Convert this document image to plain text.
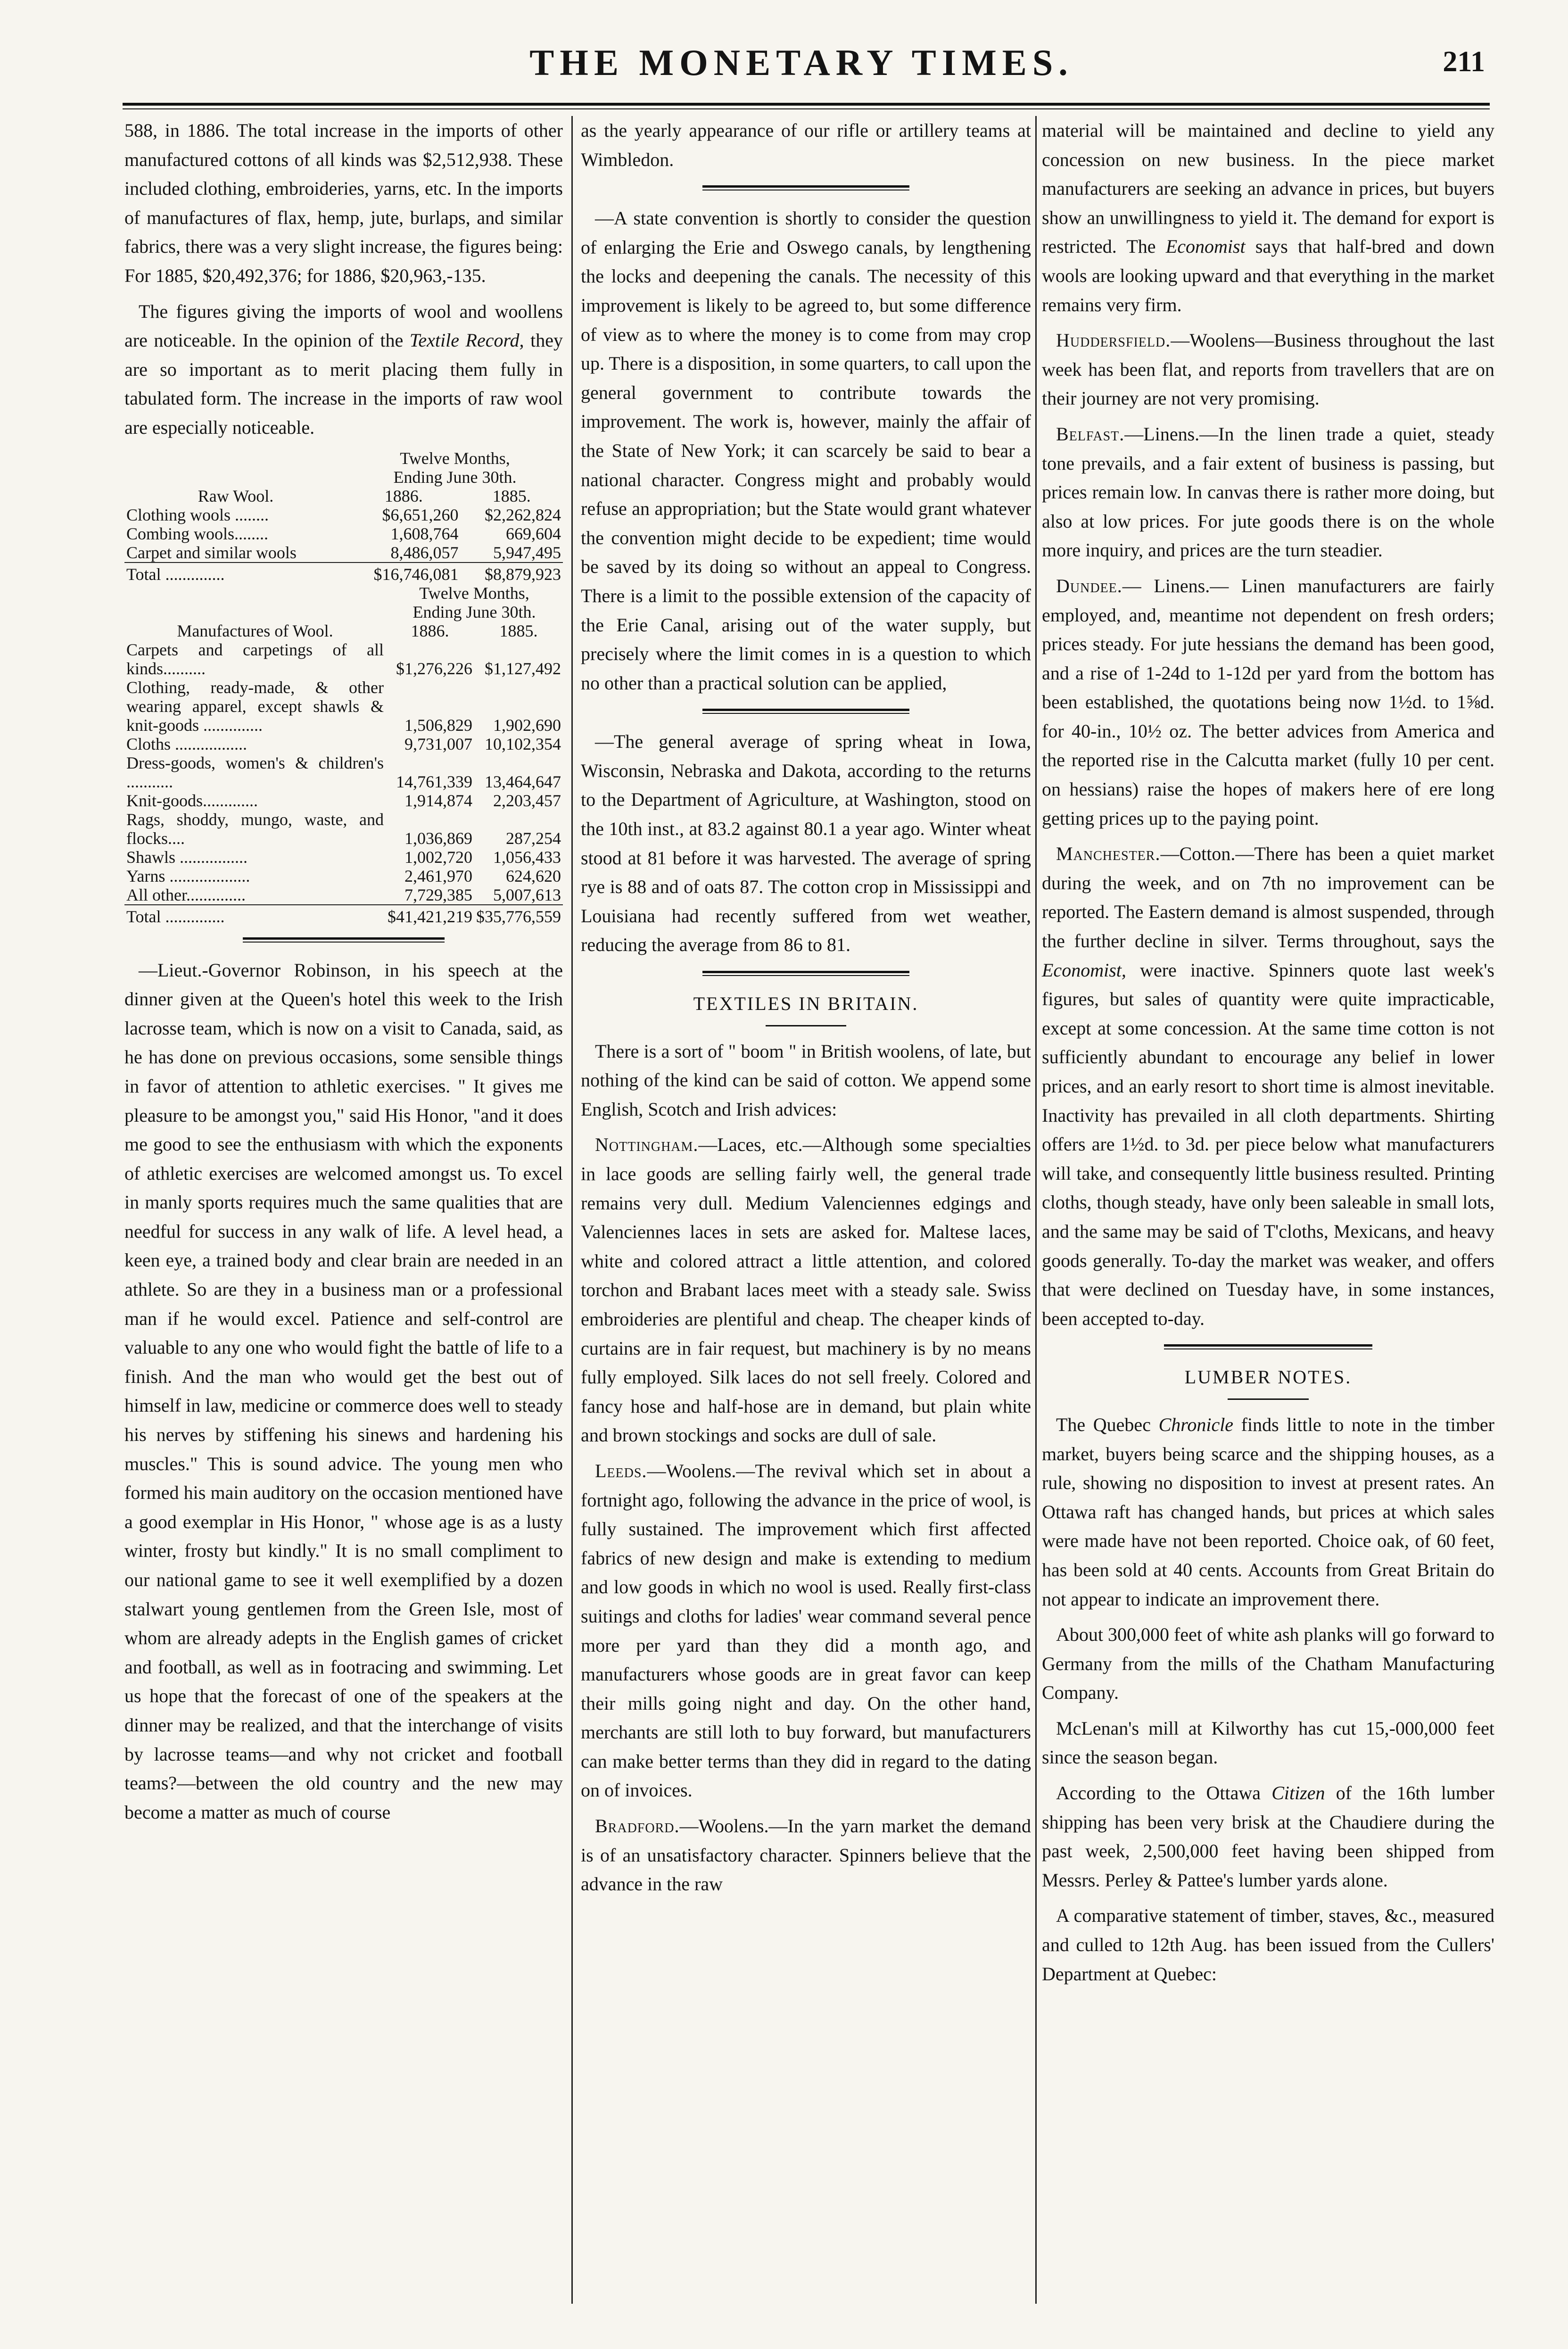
THE MONETARY TIMES.	211

588, in 1886. The total increase in the imports of other manufactured cottons of all kinds was $2,512,938. These included clothing, embroideries, yarns, etc. In the imports of manufactures of flax, hemp, jute, burlaps, and similar fabrics, there was a very slight increase, the figures being: For 1885, $20,492,376; for 1886, $20,963,-135.

The figures giving the imports of wool and woollens are noticeable. In the opinion of the Textile Record, they are so important as to merit placing them fully in tabulated form. The increase in the imports of raw wool are especially noticeable.

	Twelve Months,	
	Ending June 30th.	
Raw Wool.	1886.	1885.
Clothing wools ........	$6,651,260	$2,262,824
Combing wools........	1,608,764	669,604
Carpet and similar wools	8,486,057	5,947,495

Total ..............	$16,746,081	$8,879,923
	Twelve Months,	
	Ending June 30th.	
Manufactures of Wool.	1886.	1885.
Carpets and carpetings of all kinds..........	$1,276,226	$1,127,492
Clothing, ready-made, & other wearing apparel, except shawls & knit-goods ..............	1,506,829	1,902,690
Cloths .................	9,731,007	10,102,354
Dress-goods, women's & children's ...........	14,761,339	13,464,647
Knit-goods.............	1,914,874	2,203,457
Rags, shoddy, mungo, waste, and flocks....	1,036,869	287,254
Shawls ................	1,002,720	1,056,433
Yarns ...................	2,461,970	624,620
All other..............	7,729,385	5,007,613

Total ..............	$41,421,219	$35,776,559

—Lieut.-Governor Robinson, in his speech at the dinner given at the Queen's hotel this week to the Irish lacrosse team, which is now on a visit to Canada, said, as he has done on previous occasions, some sensible things in favor of attention to athletic exercises. " It gives me pleasure to be amongst you," said His Honor, "and it does me good to see the enthusiasm with which the exponents of athletic exercises are welcomed amongst us. To excel in manly sports requires much the same qualities that are needful for success in any walk of life. A level head, a keen eye, a trained body and clear brain are needed in an athlete. So are they in a business man or a professional man if he would excel. Patience and self-control are valuable to any one who would fight the battle of life to a finish. And the man who would get the best out of himself in law, medicine or commerce does well to steady his nerves by stiffening his sinews and hardening his muscles." This is sound advice. The young men who formed his main auditory on the occasion mentioned have a good exemplar in His Honor, " whose age is as a lusty winter, frosty but kindly." It is no small compliment to our national game to see it well exemplified by a dozen stalwart young gentlemen from the Green Isle, most of whom are already adepts in the English games of cricket and football, as well as in footracing and swimming. Let us hope that the forecast of one of the speakers at the dinner may be realized, and that the interchange of visits by lacrosse teams—and why not cricket and football teams?—between the old country and the new may become a matter as much of course

as the yearly appearance of our rifle or artillery teams at Wimbledon.

—A state convention is shortly to consider the question of enlarging the Erie and Oswego canals, by lengthening the locks and deepening the canals. The necessity of this improvement is likely to be agreed to, but some difference of view as to where the money is to come from may crop up. There is a disposition, in some quarters, to call upon the general government to contribute towards the improvement. The work is, however, mainly the affair of the State of New York; it can scarcely be said to bear a national character. Congress might and probably would refuse an appropriation; but the State would grant whatever the convention might decide to be expedient; time would be saved by its doing so without an appeal to Congress. There is a limit to the possible extension of the capacity of the Erie Canal, arising out of the water supply, but precisely where the limit comes in is a question to which no other than a practical solution can be applied,

—The general average of spring wheat in Iowa, Wisconsin, Nebraska and Dakota, according to the returns to the Department of Agriculture, at Washington, stood on the 10th inst., at 83.2 against 80.1 a year ago. Winter wheat stood at 81 before it was harvested. The average of spring rye is 88 and of oats 87. The cotton crop in Mississippi and Louisiana had recently suffered from wet weather, reducing the average from 86 to 81.

TEXTILES IN BRITAIN.

There is a sort of " boom " in British woolens, of late, but nothing of the kind can be said of cotton. We append some English, Scotch and Irish advices:

Nottingham.—Laces, etc.—Although some specialties in lace goods are selling fairly well, the general trade remains very dull. Medium Valenciennes edgings and Valenciennes laces in sets are asked for. Maltese laces, white and colored attract a little attention, and colored torchon and Brabant laces meet with a steady sale. Swiss embroideries are plentiful and cheap. The cheaper kinds of curtains are in fair request, but machinery is by no means fully employed. Silk laces do not sell freely. Colored and fancy hose and half-hose are in demand, but plain white and brown stockings and socks are dull of sale.

Leeds.—Woolens.—The revival which set in about a fortnight ago, following the advance in the price of wool, is fully sustained. The improvement which first affected fabrics of new design and make is extending to medium and low goods in which no wool is used. Really first-class suitings and cloths for ladies' wear command several pence more per yard than they did a month ago, and manufacturers whose goods are in great favor can keep their mills going night and day. On the other hand, merchants are still loth to buy forward, but manufacturers can make better terms than they did in regard to the dating on of invoices.

Bradford.—Woolens.—In the yarn market the demand is of an unsatisfactory character. Spinners believe that the advance in the raw

material will be maintained and decline to yield any concession on new business. In the piece market manufacturers are seeking an advance in prices, but buyers show an unwillingness to yield it. The demand for export is restricted. The Economist says that half-bred and down wools are looking upward and that everything in the market remains very firm.

Huddersfield.—Woolens—Business throughout the last week has been flat, and reports from travellers that are on their journey are not very promising.

Belfast.—Linens.—In the linen trade a quiet, steady tone prevails, and a fair extent of business is passing, but prices remain low. In canvas there is rather more doing, but also at low prices. For jute goods there is on the whole more inquiry, and prices are the turn steadier.

Dundee.— Linens.— Linen manufacturers are fairly employed, and, meantime not dependent on fresh orders; prices steady. For jute hessians the demand has been good, and a rise of 1-24d to 1-12d per yard from the bottom has been established, the quotations being now 1½d. to 1⅝d. for 40-in., 10½ oz. The better advices from America and the reported rise in the Calcutta market (fully 10 per cent. on hessians) raise the hopes of makers here of ere long getting prices up to the paying point.

Manchester.—Cotton.—There has been a quiet market during the week, and on 7th no improvement can be reported. The Eastern demand is almost suspended, through the further decline in silver. Terms throughout, says the Economist, were inactive. Spinners quote last week's figures, but sales of quantity were quite impracticable, except at some concession. At the same time cotton is not sufficiently abundant to encourage any belief in lower prices, and an early resort to short time is almost inevitable. Inactivity has prevailed in all cloth departments. Shirting offers are 1½d. to 3d. per piece below what manufacturers will take, and consequently little business resulted. Printing cloths, though steady, have only been saleable in small lots, and the same may be said of T'cloths, Mexicans, and heavy goods generally. To-day the market was weaker, and offers that were declined on Tuesday have, in some instances, been accepted to-day.

LUMBER NOTES.

The Quebec Chronicle finds little to note in the timber market, buyers being scarce and the shipping houses, as a rule, showing no disposition to invest at present rates. An Ottawa raft has changed hands, but prices at which sales were made have not been reported. Choice oak, of 60 feet, has been sold at 40 cents. Accounts from Great Britain do not appear to indicate an improvement there.

About 300,000 feet of white ash planks will go forward to Germany from the mills of the Chatham Manufacturing Company.

McLenan's mill at Kilworthy has cut 15,-000,000 feet since the season began.

According to the Ottawa Citizen of the 16th lumber shipping has been very brisk at the Chaudiere during the past week, 2,500,000 feet having been shipped from Messrs. Perley & Pattee's lumber yards alone.

A comparative statement of timber, staves, &c., measured and culled to 12th Aug. has been issued from the Cullers' Department at Quebec:
